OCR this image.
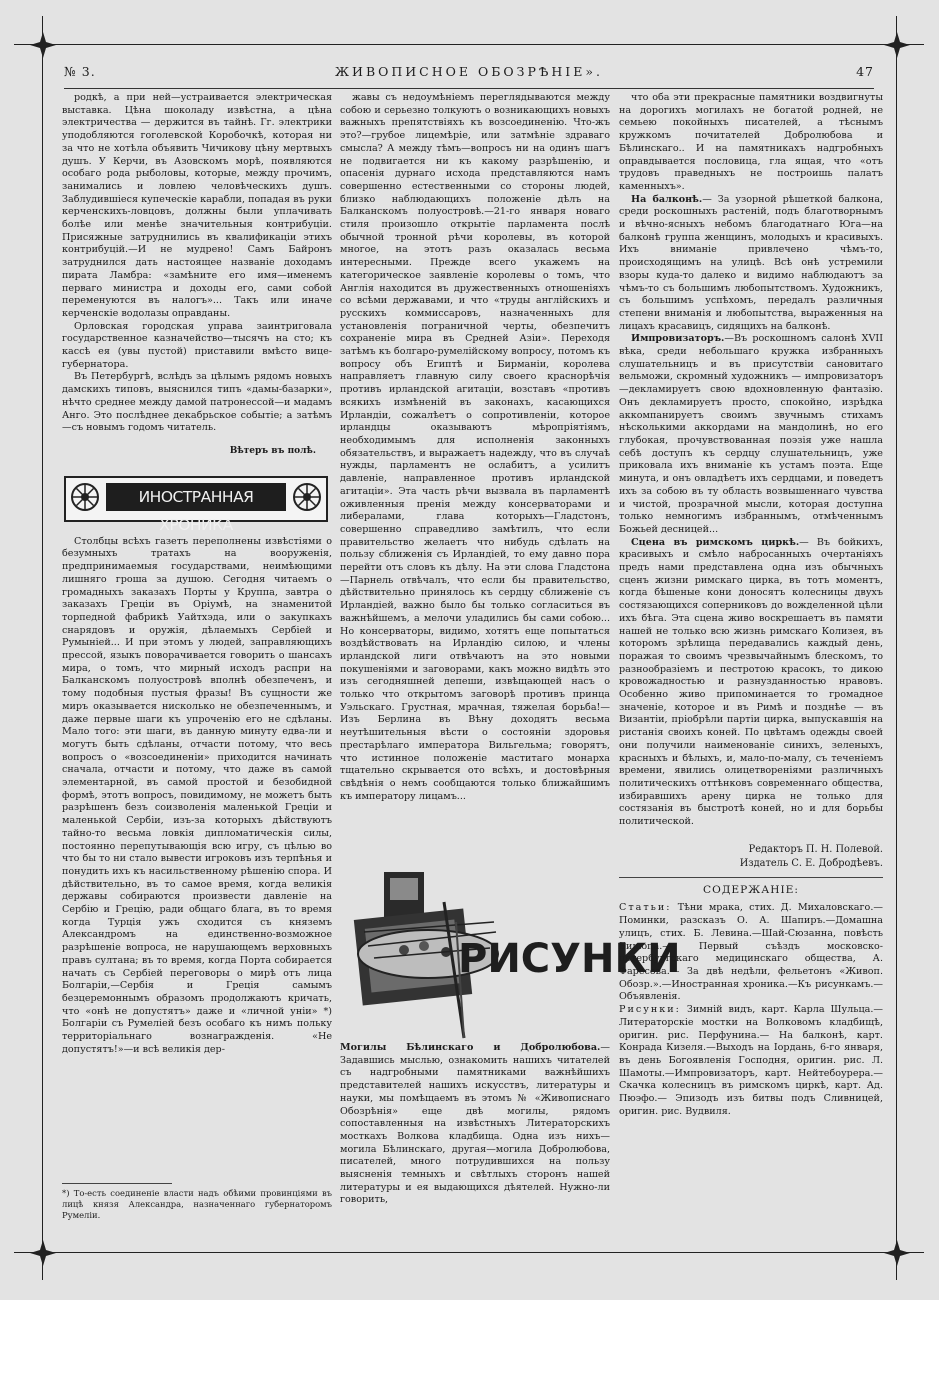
№ 3.	ЖИВОПИСНОЕ ОБОЗРѢНІЕ».	47

родкѣ, а при ней—устраивается электрическая выставка. Цѣна шоколаду извѣстна, а цѣна электричества — держится въ тайнѣ. Гг. электрики уподобляются гоголевской Коробочкѣ, которая ни за что не хотѣла объявить Чичикову цѣну мертвыхъ душъ. У Керчи, въ Азовскомъ морѣ, появляются особаго рода рыболовы, которые, между прочимъ, занимались и ловлею человѣческихъ душъ. Заблудившіеся купеческіе карабли, попадая въ руки керченскихъ-ловцовъ, должны были уплачивать болѣе или менѣе значительныя контрибуціи. Присяжные затруднились въ квалификаціи этихъ контрибуцій.—И не мудрено! Самъ Байронъ затруднился дать настоящее названіе доходамъ пирата Ламбра: «замѣните его имя—именемъ перваго министра и доходы его, сами собой переменуются въ налогъ»... Такъ или иначе керченскіе водолазы оправданы.

Орловская городская управа заинтриговала государственное казначейство—тысячъ на сто; къ кассѣ ея (увы пустой) приставили вмѣсто вице-губернатора.

Въ Петербургѣ, вслѣдъ за цѣлымъ рядомъ новыхъ дамскихъ типовъ, выяснился типъ «дамы-базарки», нѣчто среднее между дамой патронессой—и мадамъ Анго. Это послѣднее декабрьское событіе; а затѣмъ—съ новымъ годомъ читатель.

Вѣтеръ въ полѣ.

ИНОСТРАННАЯ ХРОНИКА

Столбцы всѣхъ газетъ переполнены извѣстіями о безумныхъ тратахъ на вооруженія, предпринимаемыя государствами, неимѣющими лишняго гроша за душою. Сегодня читаемъ о громадныхъ заказахъ Порты у Круппа, завтра о заказахъ Греціи въ Оріумѣ, на знаменитой торпедной фабрикѣ Уайтхэда, или о закупкахъ снарядовъ и оружія, дѣлаемыхъ Сербіей и Румыніей... И при этомъ у людей, заправляющихъ прессой, языкъ поворачивается говорить о шансахъ мира, о томъ, что мирный исходъ распри на Балканскомъ полуостровѣ вполнѣ обезпеченъ, и тому подобныя пустыя фразы! Въ сущности же миръ оказывается нисколько не обезпеченнымъ, и даже первые шаги къ упроченію его не сдѣланы. Мало того: эти шаги, въ данную минуту едва-ли и могутъ быть сдѣланы, отчасти потому, что весь вопросъ о «возсоединеніи» приходится начинать сначала, отчасти и потому, что даже въ самой элементарной, въ самой простой и безобидной формѣ, этотъ вопросъ, повидимому, не можетъ быть разрѣшенъ безъ соизволенія маленькой Греціи и маленькой Сербіи, изъ-за которыхъ дѣйствуютъ тайно-то весьма ловкія дипломатическія силы, постоянно перепутывающія всю игру, съ цѣлью во что бы то ни стало вывести игроковъ изъ терпѣнья и понудить ихъ къ насильственному рѣшенію спора. И дѣйствительно, въ то самое время, когда великія державы собираются произвести давленіе на Сербію и Грецію, ради общаго блага, въ то время когда Турція ужъ сходится съ княземъ Александромъ на единственно-возможное разрѣшеніе вопроса, не нарушающемъ верховныхъ правъ султана; въ то время, когда Порта собирается начать съ Сербіей переговоры о мирѣ отъ лица Болгаріи,—Сербія и Греція самымъ безцеремоннымъ образомъ продолжаютъ кричать, что «онѣ не допустятъ» даже и «личной уніи» *) Болгаріи съ Румеліей безъ особаго къ нимъ польку территоріальнаго вознагражденія. «Не допустятъ!»—и всѣ великія дер-

*) То-есть соединеніе власти надъ обѣими провинціями въ лицѣ князя Александра, назначеннаго губернаторомъ Румеліи.

жавы съ недоумѣніемъ переглядываются между собою и серьезно толкуютъ о возникающихъ новыхъ важныхъ препятствіяхъ къ возсоединенію. Что-жъ это?—грубое лицемѣріе, или затмѣніе здраваго смысла? А между тѣмъ—вопросъ ни на одинъ шагъ не подвигается ни къ какому разрѣшенію, и опасенія дурнаго исхода представляются намъ совершенно естественными со стороны людей, близко наблюдающихъ положеніе дѣлъ на Балканскомъ полуостровѣ.—21-го января новаго стиля произошло открытіе парламента послѣ обычной тронной рѣчи королевы, въ которой многое, на этотъ разъ оказалась весьма интересными. Прежде всего укажемъ на категорическое заявленіе королевы о томъ, что Англія находится въ дружественныхъ отношеніяхъ со всѣми державами, и что «труды англійскихъ и русскихъ коммиссаровъ, назначенныхъ для установленія пограничной черты, обезпечитъ сохраненіе мира въ Средней Азіи». Переходя затѣмъ къ болгаро-румелійскому вопросу, потомъ къ вопросу объ Египтѣ и Бирманіи, королева направляетъ главную силу своего краснорѣчія противъ ирландской агитаціи, возставъ «противъ всякихъ измѣненій въ законахъ, касающихся Ирландіи, сожалѣетъ о сопротивленіи, которое ирландцы оказываютъ мѣропріятіямъ, необходимымъ для исполненія законныхъ обязательствъ, и выражаетъ надежду, что въ случаѣ нужды, парламентъ не ослабитъ, а усилитъ давленіе, направленное противъ ирландской агитаціи». Эта часть рѣчи вызвала въ парламентѣ оживленныя пренія между консерваторами и либералами, глава которыхъ—Гладстонъ, совершенно справедливо замѣтилъ, что если правительство желаетъ что нибудь сдѣлать на пользу сближенія съ Ирландіей, то ему давно пора перейти отъ словъ къ дѣлу. На эти слова Гладстона—Парнель отвѣчалъ, что если бы правительство, дѣйствительно принялось къ сердцу сближеніе съ Ирландіей, важно было бы только согласиться въ важнѣйшемъ, а мелочи уладились бы сами собою... Но консерваторы, видимо, хотятъ еще попытаться воздѣйствовать на Ирландію силою, и члены ирландской лиги отвѣчаютъ на это новыми покушеніями и заговорами, какъ можно видѣть это изъ сегодняшней депеши, извѣщающей насъ о только что открытомъ заговорѣ противъ принца Уэльскаго. Грустная, мрачная, тяжелая борьба!—Изъ Берлина въ Вѣну доходятъ весьма неутѣшительныя вѣсти о состояніи здоровья престарѣлаго императора Вильгельма; говорятъ, что истинное положеніе маститаго монарха тщательно скрывается ото всѣхъ, и достовѣрныя свѣдѣнія о немъ сообщаются только ближайшимъ къ императору лицамъ...

РИСУНКИ

Могилы Бѣлинскаго и Добролюбова.—Задавшись мыслью, ознакомить нашихъ читателей съ надгробными памятниками важнѣйшихъ представителей нашихъ искусствъ, литературы и науки, мы помѣщаемъ въ этомъ № «Живописнаго Обозрѣнія» еще двѣ могилы, рядомъ сопоставленныя на извѣстныхъ Литераторскихъ мосткахъ Волкова кладбища. Одна изъ нихъ—могила Бѣлинскаго, другая—могила Добролюбова, писателей, много потрудившихся на пользу выясненія темныхъ и свѣтлыхъ сторонъ нашей литературы и ея выдающихся дѣятелей. Нужно-ли говорить,

что оба эти прекрасные памятники воздвигнуты на дорогихъ могилахъ не богатой родней, не семьею покойныхъ писателей, а тѣснымъ кружкомъ почитателей Добролюбова и Бѣлинскаго.. И на памятникахъ надгробныхъ оправдывается пословица, гла ящая, что «отъ трудовъ праведныхъ не построишь палатъ каменныхъ».

На балконѣ.— За узорной рѣшеткой балкона, среди роскошныхъ растеній, подъ благотворнымъ и вѣчно-ясныхъ небомъ благодатнаго Юга—на балконѣ группа женщинъ, молодыхъ и красивыхъ. Ихъ вниманіе привлечено чѣмъ-то, происходящимъ на улицѣ. Всѣ онѣ устремили взоры куда-то далеко и видимо наблюдаютъ за чѣмъ-то съ большимъ любопытствомъ. Художникъ, съ большимъ успѣхомъ, передалъ различныя степени вниманія и любопытства, выраженныя на лицахъ красавицъ, сидящихъ на балконѣ.

Импровизаторъ.—Въ роскошномъ салонѣ XVII вѣка, среди небольшаго кружка избранныхъ слушательницъ и въ присутствіи сановитаго вельможи, скромный художникъ — импровизаторъ—декламируетъ свою вдохновленную фантазію. Онъ декламируетъ просто, спокойно, изрѣдка аккомпанируетъ своимъ звучнымъ стихамъ нѣсколькими аккордами на мандолинѣ, но его глубокая, прочувствованная поэзія уже нашла себѣ доступъ къ сердцу слушательницъ, уже приковала ихъ вниманіе къ устамъ поэта. Еще минута, и онъ овладѣетъ ихъ сердцами, и поведетъ ихъ за собою въ ту область возвышеннаго чувства и чистой, прозрачной мысли, которая доступна только немногимъ избраннымъ, отмѣченнымъ Божьей десницей...

Сцена въ римскомъ циркѣ.— Въ бойкихъ, красивыхъ и смѣло набросанныхъ очертаніяхъ предъ нами представлена одна изъ обычныхъ сценъ жизни римскаго цирка, въ тотъ моментъ, когда бѣшеные кони доносятъ колесницы двухъ состязающихся соперниковъ до вожделенной цѣли ихъ бѣга. Эта сцена живо воскрешаетъ въ памяти нашей не только всю жизнь римскаго Колизея, въ которомъ зрѣлища передавались каждый день, поражая то своимъ чрезвычайнымъ блескомъ, то разнообразіемъ и пестротою красокъ, то дикою кровожадностью и разнузданностью нравовъ. Особенно живо припоминается то громадное значеніе, которое и въ Римѣ и позднѣе — въ Византіи, пріобрѣли партіи цирка, выпускавшія на ристанія своихъ коней. По цвѣтамъ одежды своей они получили наименованіе синихъ, зеленыхъ, красныхъ и бѣлыхъ, и, мало-по-малу, съ теченіемъ времени, явились олицетвореніями различныхъ политическихъ оттѣнковъ современнаго общества, избиравшихъ арену цирка не только для состязанія въ быстротѣ коней, но и для борьбы политической.

Редакторъ П. Н. Полевой.

Издатель С. Е. Добродѣевъ.

СОДЕРЖАНІЕ:

Статьи: Тѣни мрака, стих. Д. Михаловскаго.— Поминки, разсказъ О. А. Шапиръ.—Домашна улицъ, стих. Б. Левина.—Шай-Сюзанна, повѣсть Бишопа.— Первый съѣздъ московско-петербургскаго медицинскаго общества, А. Фаресова.— За двѣ недѣли, фельетонъ «Живоп. Обозр.».—Иностранная хроника.—Къ рисункамъ.—Объявленія.

Рисунки: Зимній видъ, карт. Карла Шульца.—Литераторскіе мостки на Волковомъ кладбищѣ, оригин. рис. Перфунина.— На балконѣ, карт. Конрада Кизеля.—Выходъ на Іордань, 6-го января, въ день Богоявленія Господня, оригин. рис. Л. Шамоты.—Импровизаторъ, карт. Нейтебоурера.— Скачка колесницъ въ римскомъ циркѣ, карт. Ад. Пюэфо.— Эпизодъ изъ битвы подъ Сливницей, оригин. рис. Вудвиля.
